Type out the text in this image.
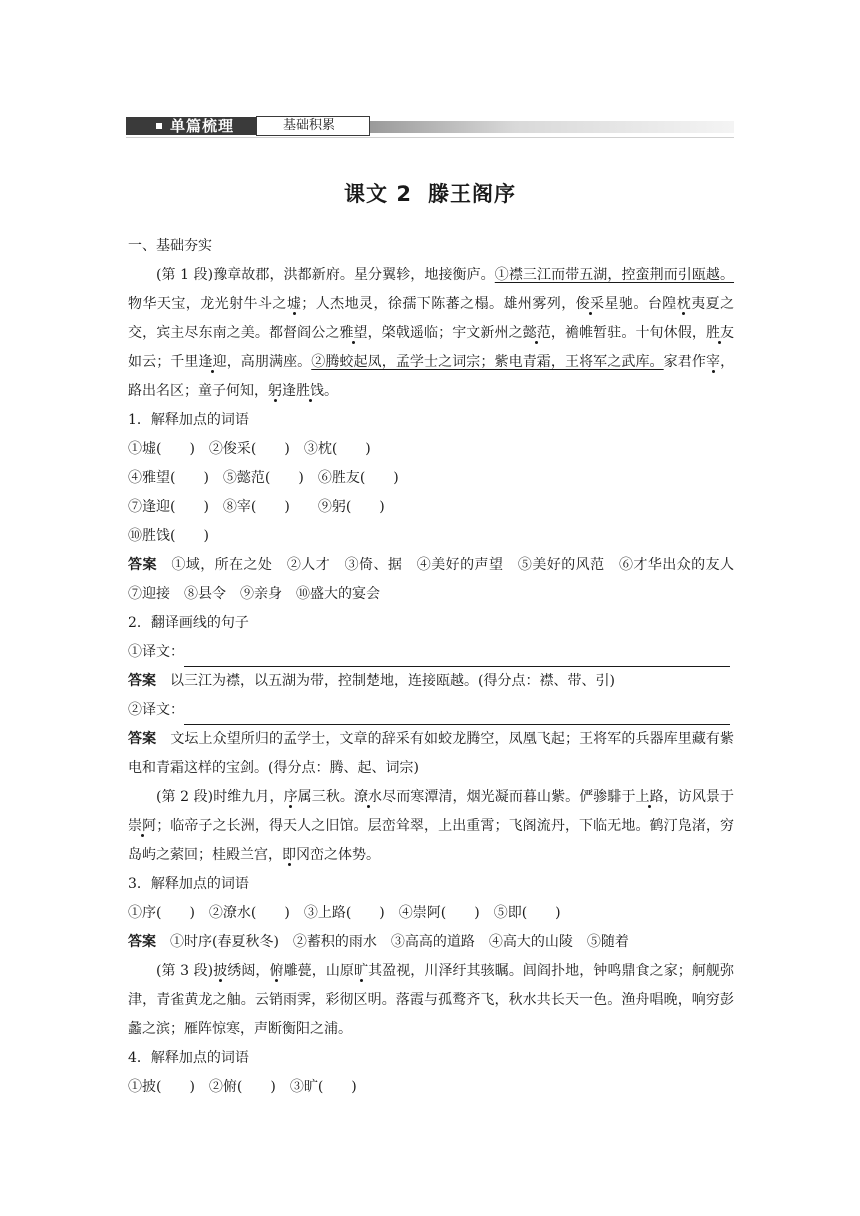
单篇梳理	基础积累
课文 2 滕王阁序
一、基础夯实
(第 1 段)豫章故郡，洪都新府。星分翼轸，地接衡庐。①襟三江而带五湖，控蛮荆而引瓯越。物华天宝，龙光射牛斗之墟；人杰地灵，徐孺下陈蕃之榻。雄州雾列，俊采星驰。台隍枕夷夏之交，宾主尽东南之美。都督阎公之雅望，棨戟遥临；宇文新州之懿范，襜帷暂驻。十旬休假，胜友如云；千里逢迎，高朋满座。②腾蛟起凤，孟学士之词宗；紫电青霜，王将军之武库。家君作宰，路出名区；童子何知，躬逢胜饯。
1．解释加点的词语
①墟(　　)　②俊采(　　)　③枕(　　)
④雅望(　　)　⑤懿范(　　)　⑥胜友(　　)
⑦逢迎(　　)　⑧宰(　　)　　⑨躬(　　)
⑩胜饯(　　)
答案　 ①域，所在之处　②人才　③倚、据　④美好的声望　⑤美好的风范　⑥才华出众的友人　⑦迎接　⑧县令　⑨亲身　⑩盛大的宴会
2．翻译画线的句子
①译文：
答案　 以三江为襟，以五湖为带，控制楚地，连接瓯越。(得分点：襟、带、引)
②译文：
答案　 文坛上众望所归的孟学士，文章的辞采有如蛟龙腾空，凤凰飞起；王将军的兵器库里藏有紫电和青霜这样的宝剑。(得分点：腾、起、词宗)
(第 2 段)时维九月，序属三秋。潦水尽而寒潭清，烟光凝而暮山紫。俨骖騑于上路，访风景于崇阿；临帝子之长洲，得天人之旧馆。层峦耸翠，上出重霄；飞阁流丹，下临无地。鹤汀凫渚，穷岛屿之萦回；桂殿兰宫，即冈峦之体势。
3．解释加点的词语
①序(　　)　②潦水(　　)　③上路(　　)　④崇阿(　　)　⑤即(　　)
答案　 ①时序(春夏秋冬)　②蓄积的雨水　③高高的道路　④高大的山陵　⑤随着
(第 3 段)披绣闼，俯雕甍，山原旷其盈视，川泽纡其骇瞩。闾阎扑地，钟鸣鼎食之家；舸舰弥津，青雀黄龙之舳。云销雨霁，彩彻区明。落霞与孤鹜齐飞，秋水共长天一色。渔舟唱晚，响穷彭蠡之滨；雁阵惊寒，声断衡阳之浦。
4．解释加点的词语
①披(　　)　②俯(　　)　③旷(　　)
